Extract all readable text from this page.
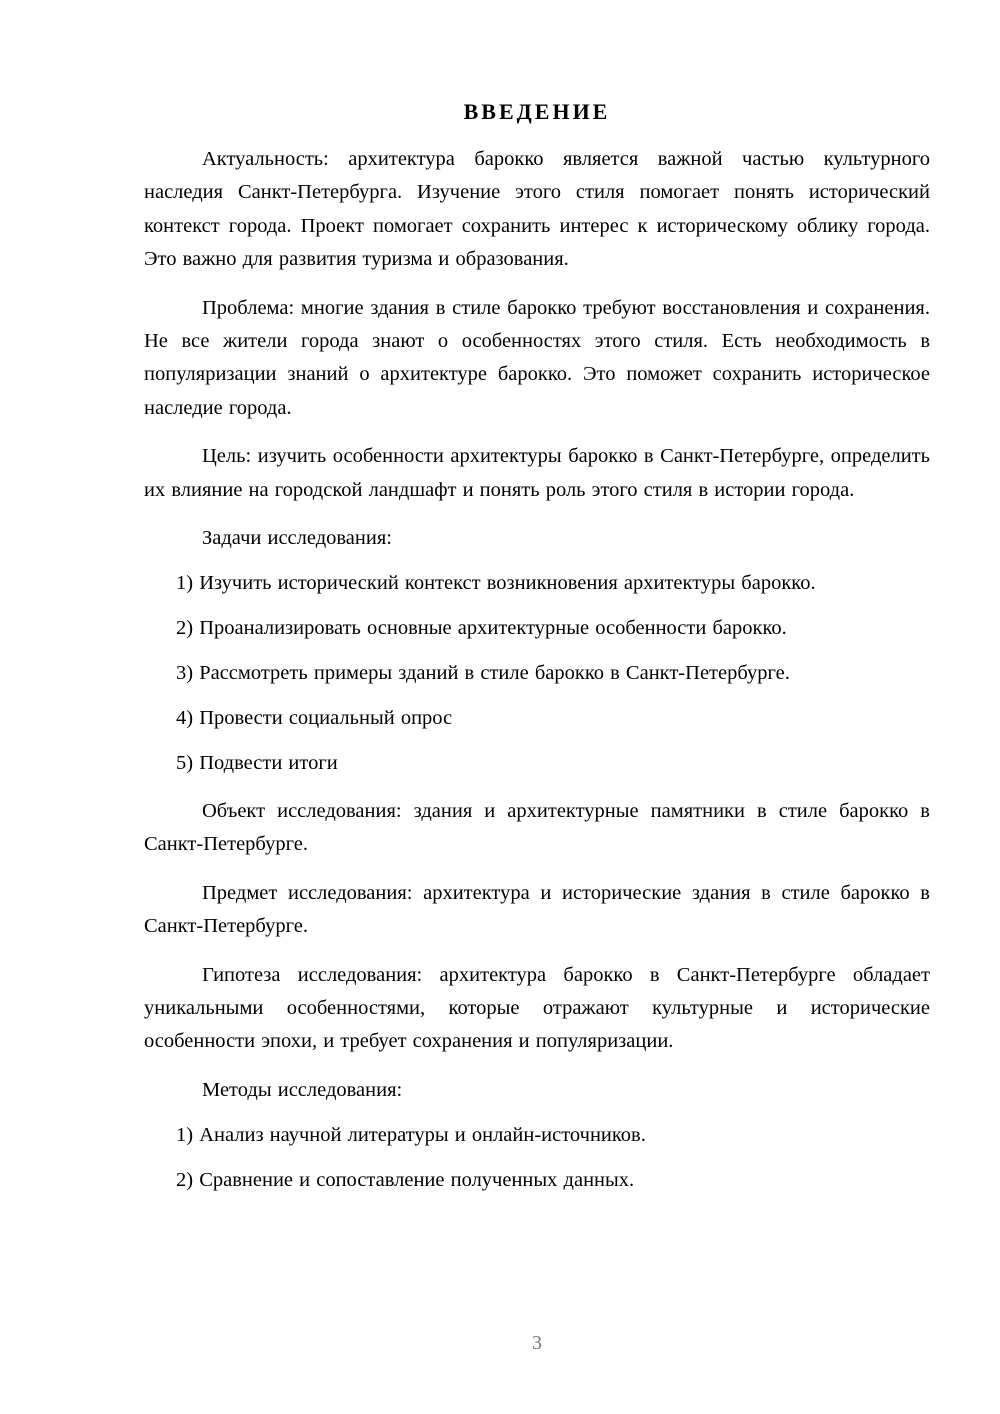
ВВЕДЕНИЕ

Актуальность: архитектура барокко является важной частью культурного наследия Санкт-Петербурга. Изучение этого стиля помогает понять исторический контекст города. Проект помогает сохранить интерес к историческому облику города. Это важно для развития туризма и образования.

Проблема: многие здания в стиле барокко требуют восстановления и сохранения. Не все жители города знают о особенностях этого стиля. Есть необходимость в популяризации знаний о архитектуре барокко. Это поможет сохранить историческое наследие города.

Цель: изучить особенности архитектуры барокко в Санкт-Петербурге, определить их влияние на городской ландшафт и понять роль этого стиля в истории города.

Задачи исследования:

1) Изучить исторический контекст возникновения архитектуры барокко.

2) Проанализировать основные архитектурные особенности барокко.

3) Рассмотреть примеры зданий в стиле барокко в Санкт-Петербурге.

4) Провести социальный опрос

5) Подвести итоги

Объект исследования: здания и архитектурные памятники в стиле барокко в Санкт-Петербурге.

Предмет исследования: архитектура и исторические здания в стиле барокко в Санкт-Петербурге.

Гипотеза исследования: архитектура барокко в Санкт-Петербурге обладает уникальными особенностями, которые отражают культурные и исторические особенности эпохи, и требует сохранения и популяризации.

Методы исследования:

1) Анализ научной литературы и онлайн-источников.

2) Сравнение и сопоставление полученных данных.

3
